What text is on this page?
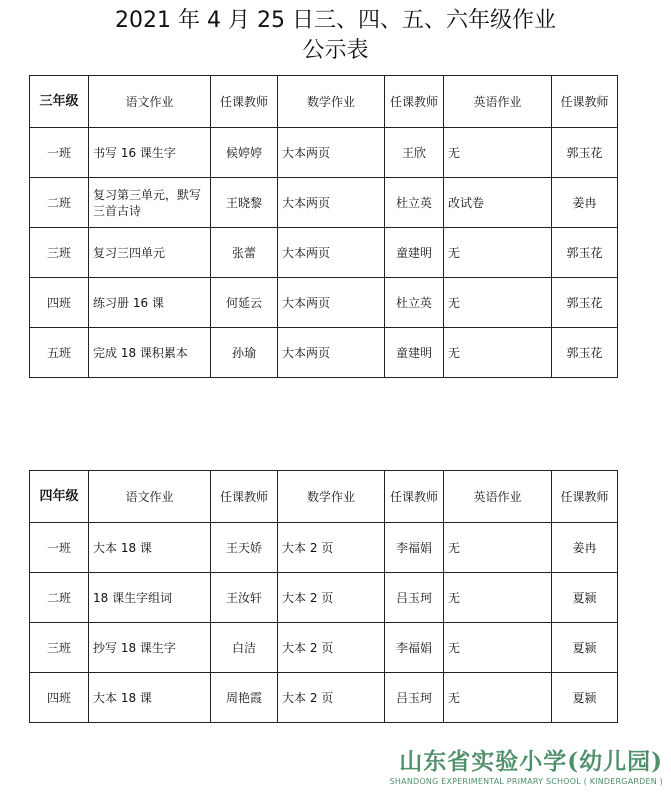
2021 年 4 月 25 日三、四、五、六年级作业
公示表
三年级	语文作业	任课教师	数学作业	任课教师	英语作业	任课教师
一班	书写 16 课生字	候婷婷	大本两页	王欣	无	郭玉花
二班	复习第三单元，默写三首古诗	王晓黎	大本两页	杜立英	改试卷	姜冉
三班	复习三四单元	张蕾	大本两页	童建明	无	郭玉花
四班	练习册 16 课	何延云	大本两页	杜立英	无	郭玉花
五班	完成 18 课积累本	孙瑜	大本两页	童建明	无	郭玉花
四年级	语文作业	任课教师	数学作业	任课教师	英语作业	任课教师
一班	大本 18 课	王天娇	大本 2 页	李福娟	无	姜冉
二班	18 课生字组词	王汝轩	大本 2 页	吕玉珂	无	夏颍
三班	抄写 18 课生字	白洁	大本 2 页	李福娟	无	夏颍
四班	大本 18 课	周艳霞	大本 2 页	吕玉珂	无	夏颍
山东省实验小学(幼儿园)
SHANDONG EXPERIMENTAL PRIMARY SCHOOL ( KINDERGARDEN )
